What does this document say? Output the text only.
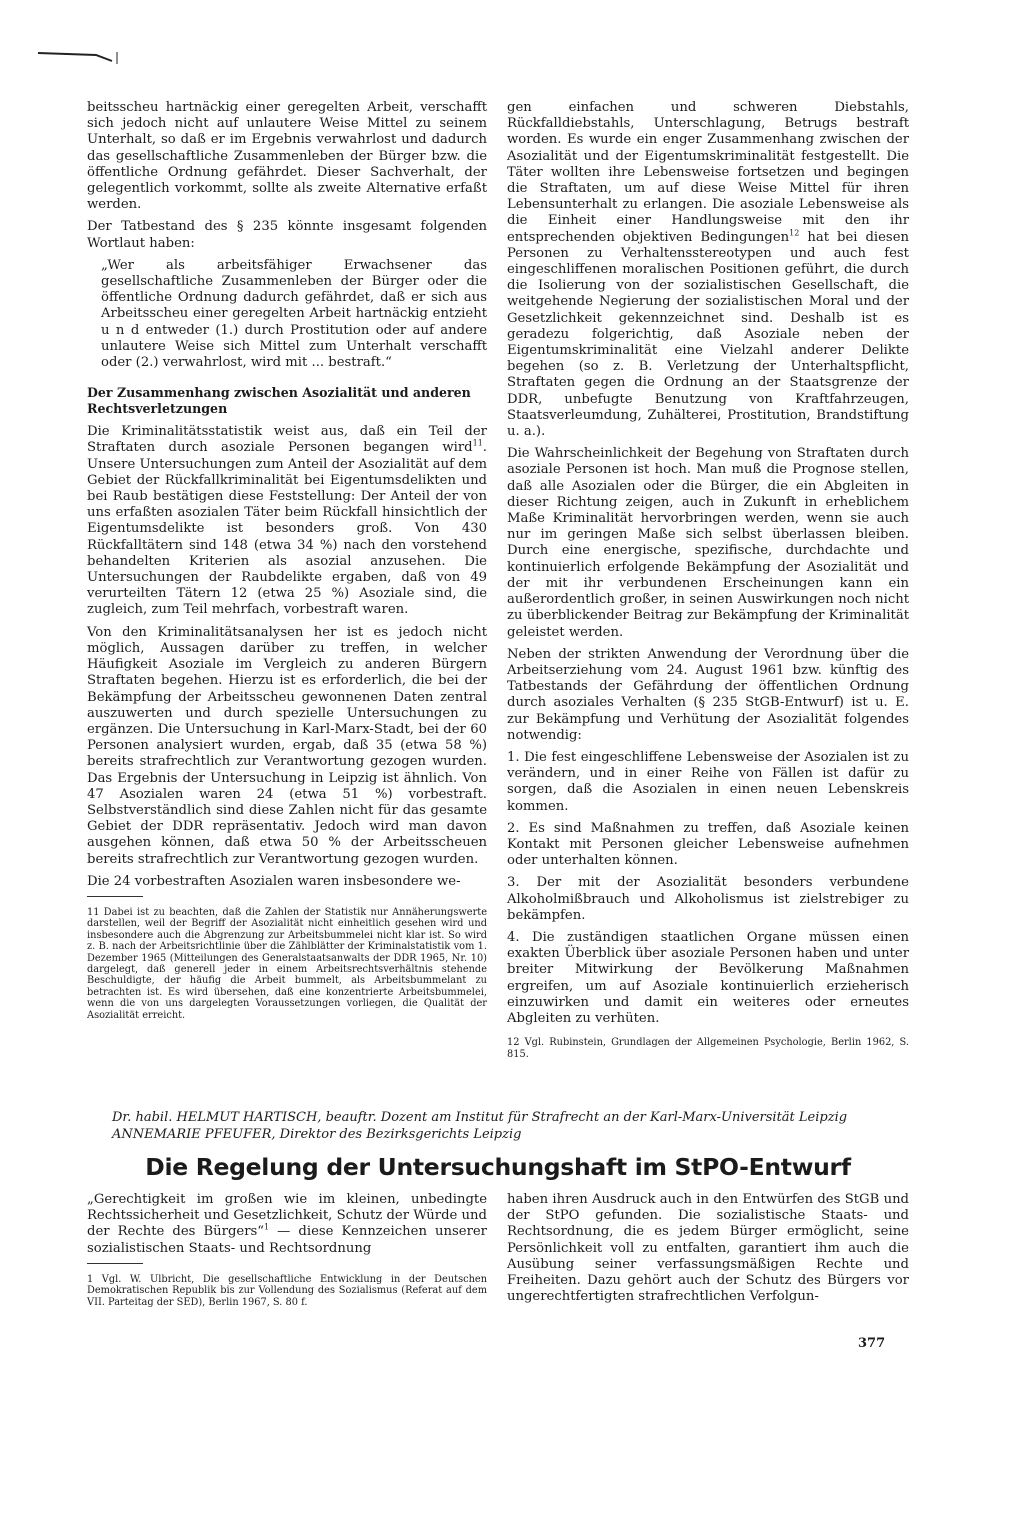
beitsscheu hartnäckig einer geregelten Arbeit, verschafft sich jedoch nicht auf unlautere Weise Mittel zu seinem Unterhalt, so daß er im Ergebnis verwahrlost und dadurch das gesellschaftliche Zusammenleben der Bürger bzw. die öffentliche Ordnung gefährdet. Dieser Sachverhalt, der gelegentlich vorkommt, sollte als zweite Alternative erfaßt werden.

Der Tatbestand des § 235 könnte insgesamt folgenden Wortlaut haben:

„Wer als arbeitsfähiger Erwachsener das gesellschaftliche Zusammenleben der Bürger oder die öffentliche Ordnung dadurch gefährdet, daß er sich aus Arbeitsscheu einer geregelten Arbeit hartnäckig entzieht u n d entweder (1.) durch Prostitution oder auf andere unlautere Weise sich Mittel zum Unterhalt verschafft oder (2.) verwahrlost, wird mit ... bestraft.“

Der Zusammenhang zwischen Asozialität und anderen Rechtsverletzungen

Die Kriminalitätsstatistik weist aus, daß ein Teil der Straftaten durch asoziale Personen begangen wird$^{11}$. Unsere Untersuchungen zum Anteil der Asozialität auf dem Gebiet der Rückfallkriminalität bei Eigentumsdelikten und bei Raub bestätigen diese Feststellung: Der Anteil der von uns erfaßten asozialen Täter beim Rückfall hinsichtlich der Eigentumsdelikte ist besonders groß. Von 430 Rückfalltätern sind 148 (etwa 34 %) nach den vorstehend behandelten Kriterien als asozial anzusehen. Die Untersuchungen der Raubdelikte ergaben, daß von 49 verurteilten Tätern 12 (etwa 25 %) Asoziale sind, die zugleich, zum Teil mehrfach, vorbestraft waren.

Von den Kriminalitätsanalysen her ist es jedoch nicht möglich, Aussagen darüber zu treffen, in welcher Häufigkeit Asoziale im Vergleich zu anderen Bürgern Straftaten begehen. Hierzu ist es erforderlich, die bei der Bekämpfung der Arbeitsscheu gewonnenen Daten zentral auszuwerten und durch spezielle Untersuchungen zu ergänzen. Die Untersuchung in Karl-Marx-Stadt, bei der 60 Personen analysiert wurden, ergab, daß 35 (etwa 58 %) bereits strafrechtlich zur Verantwortung gezogen wurden. Das Ergebnis der Untersuchung in Leipzig ist ähnlich. Von 47 Asozialen waren 24 (etwa 51 %) vorbestraft. Selbstverständlich sind diese Zahlen nicht für das gesamte Gebiet der DDR repräsentativ. Jedoch wird man davon ausgehen können, daß etwa 50 % der Arbeitsscheuen bereits strafrechtlich zur Verantwortung gezogen wurden.

Die 24 vorbestraften Asozialen waren insbesondere we-

11 Dabei ist zu beachten, daß die Zahlen der Statistik nur Annäherungswerte darstellen, weil der Begriff der Asozialität nicht einheitlich gesehen wird und insbesondere auch die Abgrenzung zur Arbeitsbummelei nicht klar ist. So wird z. B. nach der Arbeitsrichtlinie über die Zählblätter der Kriminalstatistik vom 1. Dezember 1965 (Mitteilungen des Generalstaatsanwalts der DDR 1965, Nr. 10) dargelegt, daß generell jeder in einem Arbeitsrechtsverhältnis stehende Beschuldigte, der häufig die Arbeit bummelt, als Arbeitsbummelant zu betrachten ist. Es wird übersehen, daß eine konzentrierte Arbeitsbummelei, wenn die von uns dargelegten Voraussetzungen vorliegen, die Qualität der Asozialität erreicht.

gen einfachen und schweren Diebstahls, Rückfalldiebstahls, Unterschlagung, Betrugs bestraft worden. Es wurde ein enger Zusammenhang zwischen der Asozialität und der Eigentumskriminalität festgestellt. Die Täter wollten ihre Lebensweise fortsetzen und begingen die Straftaten, um auf diese Weise Mittel für ihren Lebensunterhalt zu erlangen. Die asoziale Lebensweise als die Einheit einer Handlungsweise mit den ihr entsprechenden objektiven Bedingungen$^{12}$ hat bei diesen Personen zu Verhaltensstereotypen und auch fest eingeschliffenen moralischen Positionen geführt, die durch die Isolierung von der sozialistischen Gesellschaft, die weitgehende Negierung der sozialistischen Moral und der Gesetzlichkeit gekennzeichnet sind. Deshalb ist es geradezu folgerichtig, daß Asoziale neben der Eigentumskriminalität eine Vielzahl anderer Delikte begehen (so z. B. Verletzung der Unterhaltspflicht, Straftaten gegen die Ordnung an der Staatsgrenze der DDR, unbefugte Benutzung von Kraftfahrzeugen, Staatsverleumdung, Zuhälterei, Prostitution, Brandstiftung u. a.).

Die Wahrscheinlichkeit der Begehung von Straftaten durch asoziale Personen ist hoch. Man muß die Prognose stellen, daß alle Asozialen oder die Bürger, die ein Abgleiten in dieser Richtung zeigen, auch in Zukunft in erheblichem Maße Kriminalität hervorbringen werden, wenn sie auch nur im geringen Maße sich selbst überlassen bleiben. Durch eine energische, spezifische, durchdachte und kontinuierlich erfolgende Bekämpfung der Asozialität und der mit ihr verbundenen Erscheinungen kann ein außerordentlich großer, in seinen Auswirkungen noch nicht zu überblickender Beitrag zur Bekämpfung der Kriminalität geleistet werden.

Neben der strikten Anwendung der Verordnung über die Arbeitserziehung vom 24. August 1961 bzw. künftig des Tatbestands der Gefährdung der öffentlichen Ordnung durch asoziales Verhalten (§ 235 StGB-Entwurf) ist u. E. zur Bekämpfung und Verhütung der Asozialität folgendes notwendig:

1. Die fest eingeschliffene Lebensweise der Asozialen ist zu verändern, und in einer Reihe von Fällen ist dafür zu sorgen, daß die Asozialen in einen neuen Lebenskreis kommen.

2. Es sind Maßnahmen zu treffen, daß Asoziale keinen Kontakt mit Personen gleicher Lebensweise aufnehmen oder unterhalten können.

3. Der mit der Asozialität besonders verbundene Alkoholmißbrauch und Alkoholismus ist zielstrebiger zu bekämpfen.

4. Die zuständigen staatlichen Organe müssen einen exakten Überblick über asoziale Personen haben und unter breiter Mitwirkung der Bevölkerung Maßnahmen ergreifen, um auf Asoziale kontinuierlich erzieherisch einzuwirken und damit ein weiteres oder erneutes Abgleiten zu verhüten.

12 Vgl. Rubinstein, Grundlagen der Allgemeinen Psychologie, Berlin 1962, S. 815.

Dr. habil. HELMUT HARTISCH, beauftr. Dozent am Institut für Strafrecht an der Karl-Marx-Universität Leipzig
ANNEMARIE PFEUFER, Direktor des Bezirksgerichts Leipzig
Die Regelung der Untersuchungshaft im StPO-Entwurf

„Gerechtigkeit im großen wie im kleinen, unbedingte Rechtssicherheit und Gesetzlichkeit, Schutz der Würde und der Rechte des Bürgers“$^1$ — diese Kennzeichen unserer sozialistischen Staats- und Rechtsordnung

1 Vgl. W. Ulbricht, Die gesellschaftliche Entwicklung in der Deutschen Demokratischen Republik bis zur Vollendung des Sozialismus (Referat auf dem VII. Parteitag der SED), Berlin 1967, S. 80 f.

haben ihren Ausdruck auch in den Entwürfen des StGB und der StPO gefunden. Die sozialistische Staats- und Rechtsordnung, die es jedem Bürger ermöglicht, seine Persönlichkeit voll zu entfalten, garantiert ihm auch die Ausübung seiner verfassungsmäßigen Rechte und Freiheiten. Dazu gehört auch der Schutz des Bürgers vor ungerechtfertigten strafrechtlichen Verfolgun-

377
